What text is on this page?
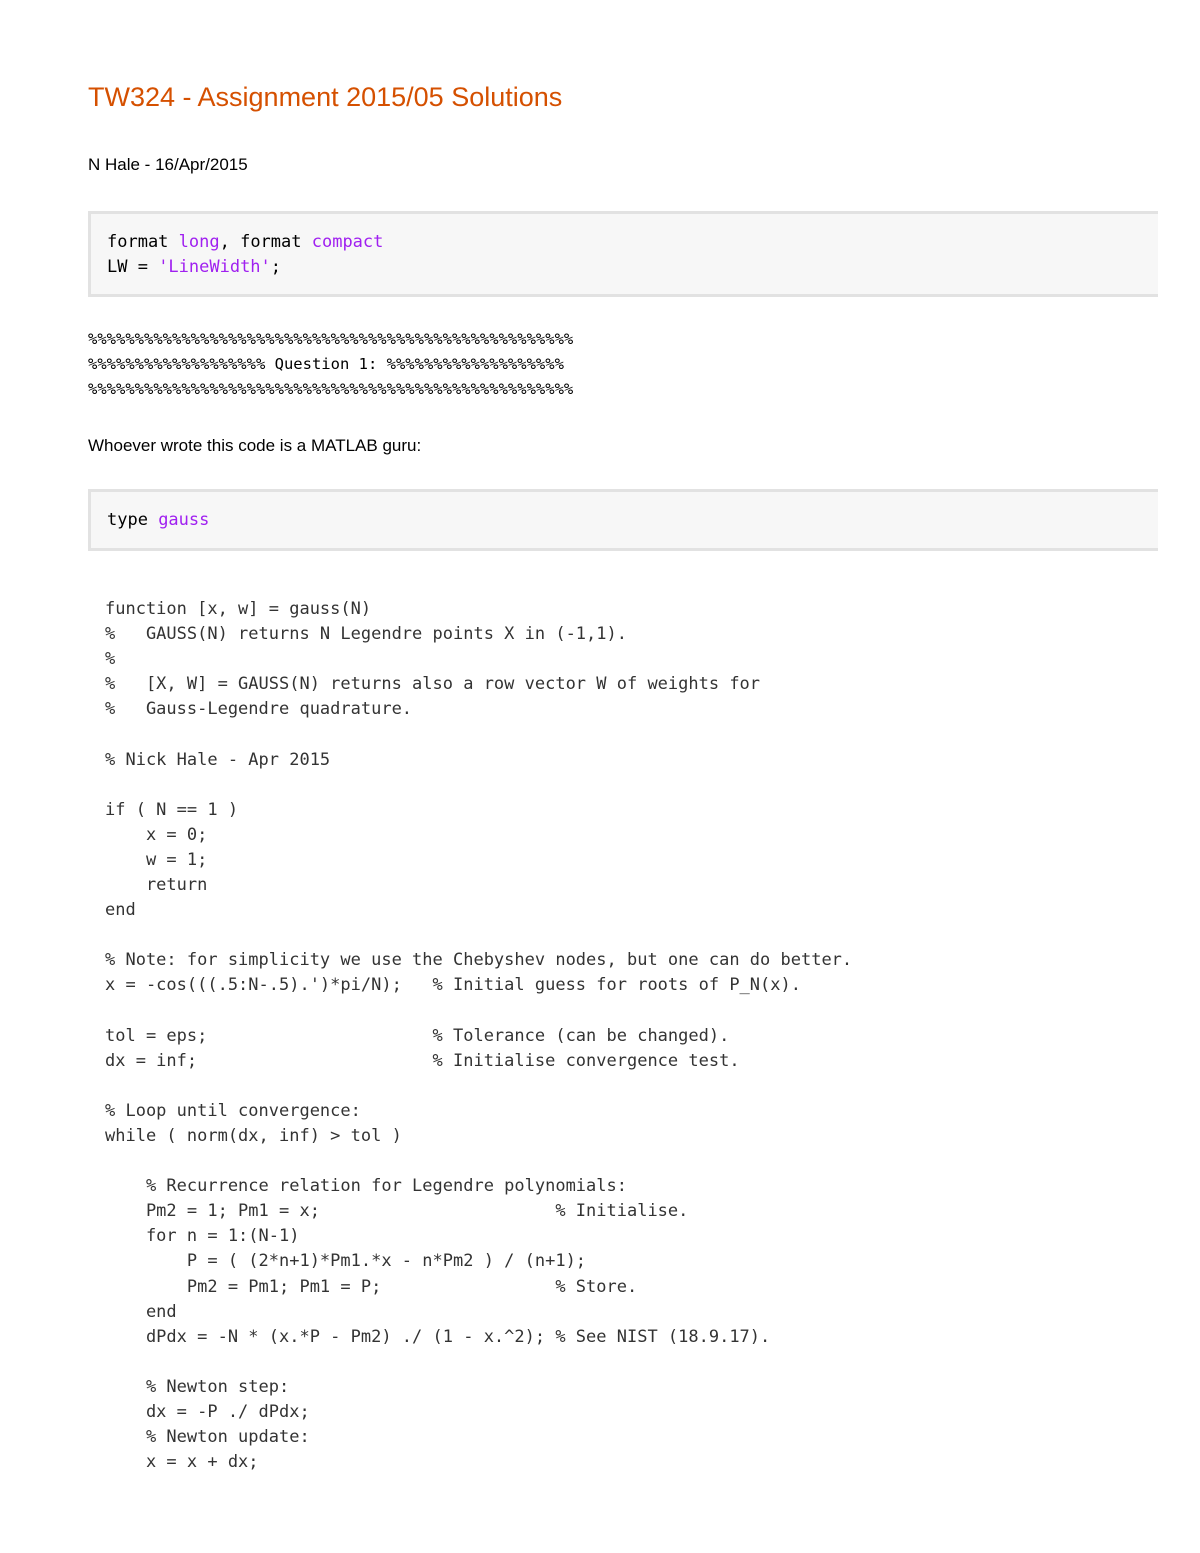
TW324 - Assignment 2015/05 Solutions

N Hale - 16/Apr/2015

format long, format compact
LW = 'LineWidth';
%%%%%%%%%%%%%%%%%%%%%%%%%%%%%%%%%%%%%%%%%%%%%%%%%%%%
%%%%%%%%%%%%%%%%%%% Question 1: %%%%%%%%%%%%%%%%%%%
%%%%%%%%%%%%%%%%%%%%%%%%%%%%%%%%%%%%%%%%%%%%%%%%%%%%

Whoever wrote this code is a MATLAB guru:

type gauss
function [x, w] = gauss(N)
%   GAUSS(N) returns N Legendre points X in (-1,1).
%
%   [X, W] = GAUSS(N) returns also a row vector W of weights for
%   Gauss-Legendre quadrature.

% Nick Hale - Apr 2015

if ( N == 1 )
x = 0;
w = 1;
return
end

% Note: for simplicity we use the Chebyshev nodes, but one can do better.
x = -cos(((.5:N-.5).')*pi/N);   % Initial guess for roots of P_N(x).

tol = eps;                      % Tolerance (can be changed).
dx = inf;                       % Initialise convergence test.

% Loop until convergence:
while ( norm(dx, inf) > tol )

% Recurrence relation for Legendre polynomials:
Pm2 = 1; Pm1 = x;                       % Initialise.
for n = 1:(N-1)
P = ( (2*n+1)*Pm1.*x - n*Pm2 ) / (n+1);
Pm2 = Pm1; Pm1 = P;                 % Store.
end
dPdx = -N * (x.*P - Pm2) ./ (1 - x.^2); % See NIST (18.9.17).

% Newton step:
dx = -P ./ dPdx;
% Newton update:
x = x + dx;
